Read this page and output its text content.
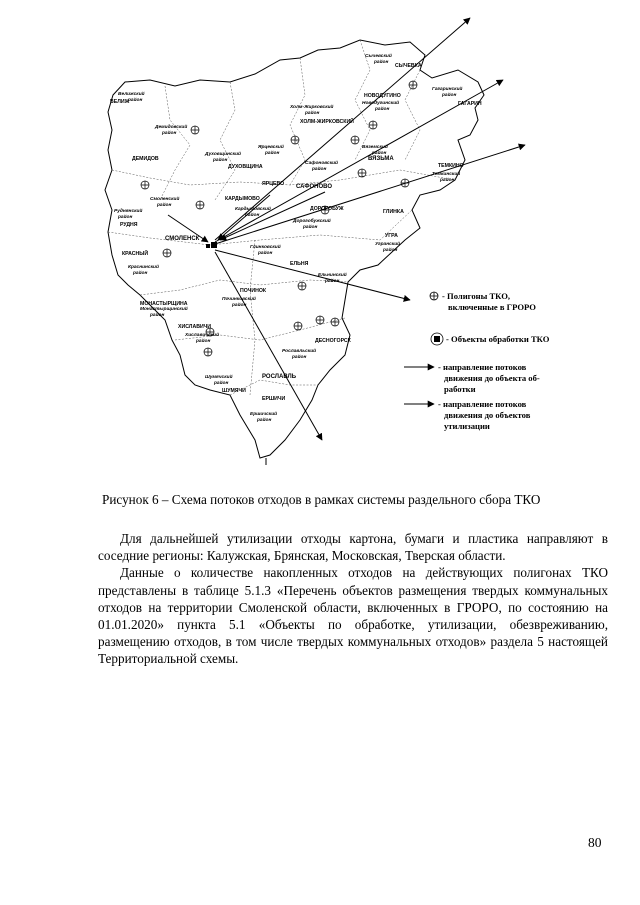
Велижский
район
Демидовский
район
Духовщинский
район
Холм-Жирковский
район
Новодугинский
район
Сычевский
район
Гагаринский
район
Ярцевский
район
Сафоновский
район
Вяземский
район
Темкинский
район
Смоленский
район
Руднянский
район
Кардымовский
район
Дорогобужский
район
Угранский
район
Глинковский
район
Краснинский
район	Ельнинский
район
Починковский
район
Монастырщинский
район
Хиславичский
район
Рославльский
район
Шумячский
район
Ершичский
район
ВЕЛИЖ
ДЕМИДОВ
ДУХОВЩИНА
ХОЛМ-ЖИРКОВСКИЙ
НОВОДУГИНО
СЫЧЕВКА
ГАГАРИН
ЯРЦЕВО САФОНОВО
ВЯЗЬМА
ТЕМКИНО
СМОЛЕНСК
РУДНЯ
КАРДЫМОВО
ДОРОГОБУЖ
УГРА
ГЛИНКА
КРАСНЫЙ
ЕЛЬНЯ
ПОЧИНОК
МОНАСТЫРЩИНА
ХИСЛАВИЧИ
РОСЛАВЛЬ
ШУМЯЧИ
ЕРШИЧИ
ДЕСНОГОРСК
- Полигоны ТКО,
включенные в ГРОРО
- Объекты обработки ТКО
- направление потоков
движения до объекта об-
работки
- направление потоков
движения до объектов
утилизации
Рисунок 6 – Схема потоков отходов в рамках системы раздельного сбора ТКО

Для дальнейшей утилизации отходы картона, бумаги и пластика направляют в соседние регионы: Калужская, Брянская, Московская, Тверская области.

Данные о количестве накопленных отходов на действующих полигонах ТКО представлены в таблице 5.1.3 «Перечень объектов размещения твердых коммунальных отходов на территории Смоленской области, включенных в ГРОРО, по состоянию на 01.01.2020» пункта 5.1 «Объекты по обработке, утилизации, обезвреживанию, размещению отходов, в том числе твердых коммунальных отходов» раздела 5 настоящей Территориальной схемы.

80
